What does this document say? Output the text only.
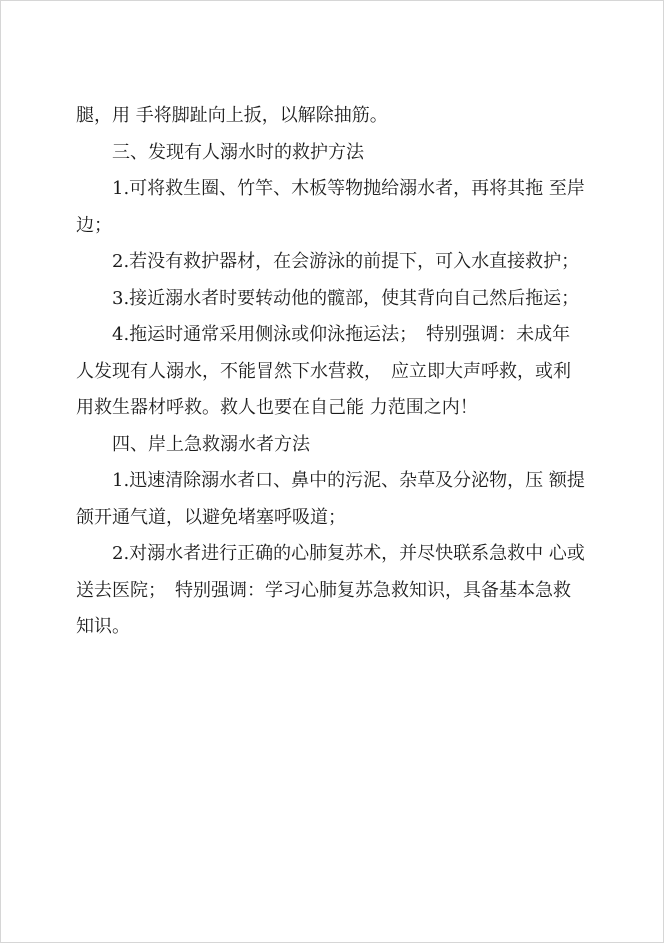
腿，用 手将脚趾向上扳，以解除抽筋。

三、发现有人溺水时的救护方法

1.可将救生圈、竹竿、木板等物抛给溺水者，再将其拖 至岸边；

2.若没有救护器材，在会游泳的前提下，可入水直接救护；

3.接近溺水者时要转动他的髋部，使其背向自己然后拖运；

4.拖运时通常采用侧泳或仰泳拖运法；　特别强调：未成年人发现有人溺水，不能冒然下水营救，　应立即大声呼救，或利用救生器材呼救。救人也要在自己能 力范围之内！

四、岸上急救溺水者方法

1.迅速清除溺水者口、鼻中的污泥、杂草及分泌物，压 额提颌开通气道，以避免堵塞呼吸道；

2.对溺水者进行正确的心肺复苏术，并尽快联系急救中 心或送去医院；　特别强调：学习心肺复苏急救知识，具备基本急救知识。
